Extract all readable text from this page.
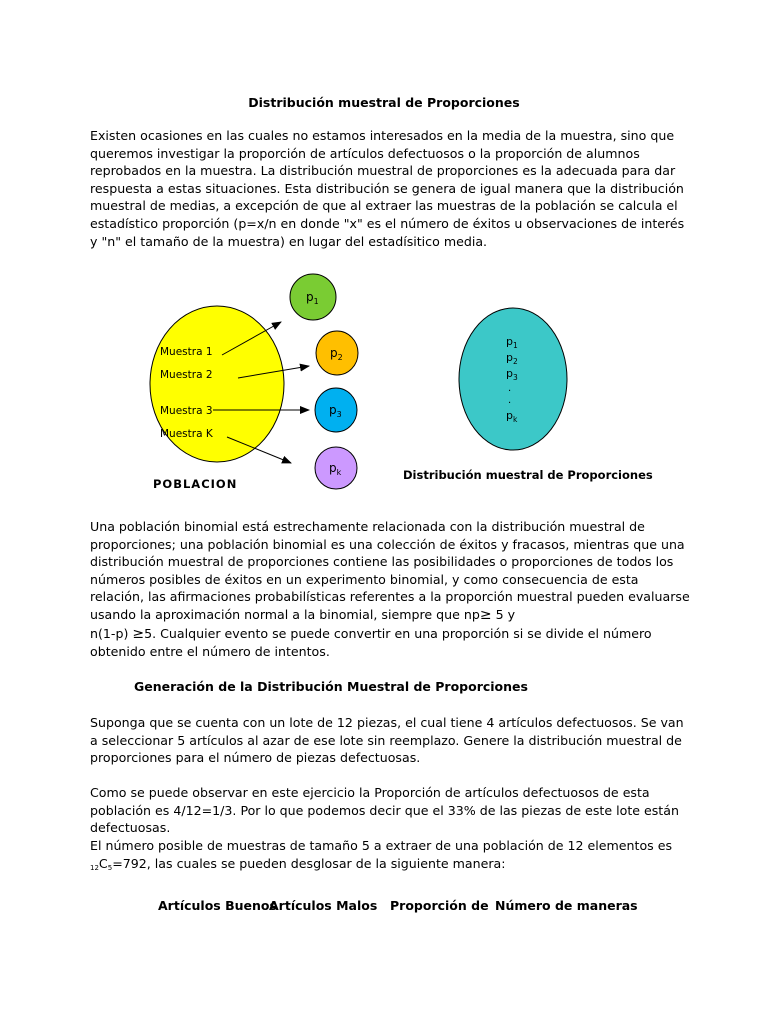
Distribución muestral de Proporciones
Existen ocasiones en las cuales no estamos interesados en la media de la muestra, sino que queremos investigar la proporción de artículos defectuosos o la proporción de alumnos reprobados en la muestra. La distribución muestral de proporciones es la adecuada para dar respuesta a estas situaciones. Esta distribución se genera de igual manera que la distribución muestral de medias, a excepción de que al extraer las muestras de la población se calcula el estadístico proporción (p=x/n en donde "x" es el número de éxitos u observaciones de interés y "n" el tamaño de la muestra) en lugar del estadísitico media.
Muestra 1
Muestra 2
Muestra 3
Muestra K
POBLACION
$p_1$
$p_2$
$p_3$
$p_k$
$p_1$
$p_2$
$p_3$
.
.
$p_k$
Distribución muestral de Proporciones
Una población binomial está estrechamente relacionada con la distribución muestral de proporciones; una población binomial es una colección de éxitos y fracasos, mientras que una distribución muestral de proporciones contiene las posibilidades o proporciones de todos los números posibles de éxitos en un experimento binomial, y como consecuencia de esta relación, las afirmaciones probabilísticas referentes a la proporción muestral pueden evaluarse usando la aproximación normal a la binomial, siempre que np≥ 5 y
n(1-p) ≥5. Cualquier evento se puede convertir en una proporción si se divide el número obtenido entre el número de intentos.
Generación de la Distribución Muestral de Proporciones
Suponga que se cuenta con un lote de 12 piezas, el cual tiene 4 artículos defectuosos. Se van a seleccionar 5 artículos al azar de ese lote sin reemplazo. Genere la distribución muestral de proporciones para el número de piezas defectuosas.
Como se puede observar en este ejercicio la Proporción de artículos defectuosos de esta población es 4/12=1/3. Por lo que podemos decir que el 33% de las piezas de este lote están defectuosas.
El número posible de muestras de tamaño 5 a extraer de una población de 12 elementos es 12C5=792, las cuales se pueden desglosar de la siguiente manera:
Artículos Buenos
Artículos Malos Proporción de Número de maneras
